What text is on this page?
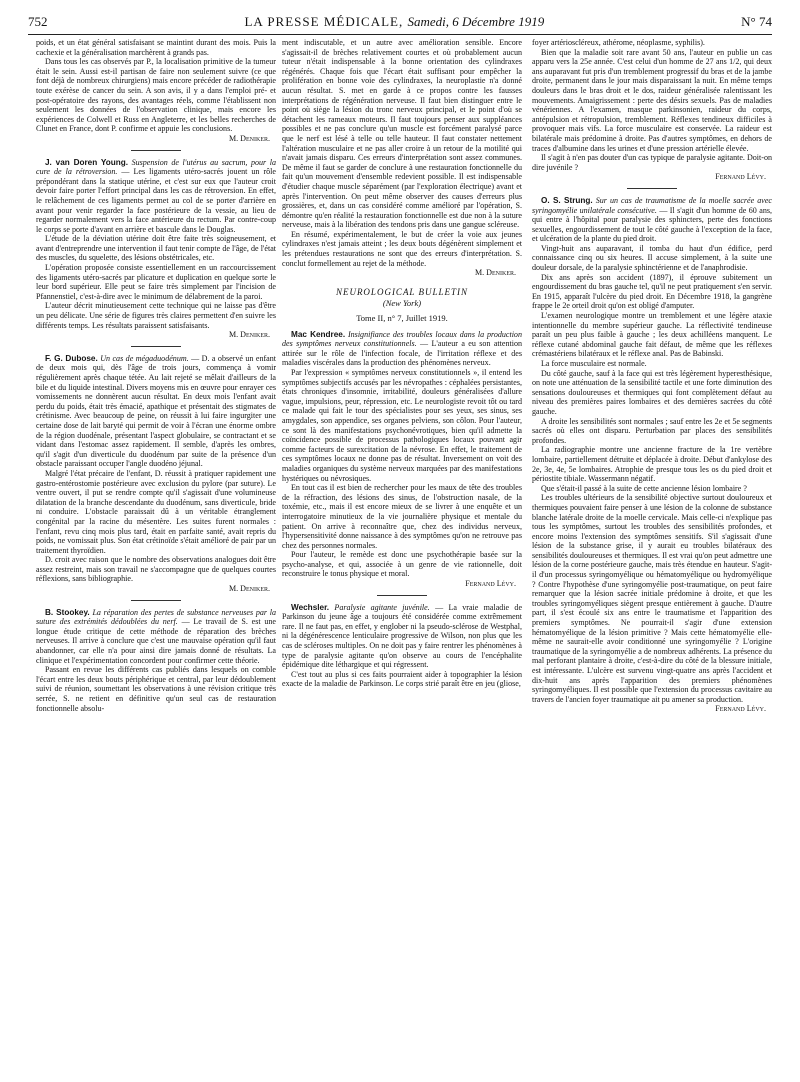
752	LA PRESSE MÉDICALE, Samedi, 6 Décembre 1919	N° 74

poids, et un état général satisfaisant se maintint durant des mois. Puis la cachexie et la généralisation marchèrent à grands pas.

Dans tous les cas observés par P., la localisation primitive de la tumeur était le sein. Aussi est-il partisan de faire non seulement suivre (ce que font déjà de nombreux chirurgiens) mais encore précéder de radiothérapie toute exérèse de cancer du sein. A son avis, il y a dans l'emploi pré- et post-opératoire des rayons, des avantages réels, comme l'établissent non seulement les données de l'observation clinique, mais encore les expériences de Colwell et Russ en Angleterre, et les belles recherches de Clunet en France, dont P. confirme et appuie les conclusions.

M. Deniker.

J. van Doren Young. Suspension de l'utérus au sacrum, pour la cure de la rétroversion. — Les ligaments utéro-sacrés jouent un rôle prépondérant dans la statique utérine, et c'est sur eux que l'auteur croit devoir faire porter l'effort principal dans les cas de rétroversion. En effet, le relâchement de ces ligaments permet au col de se porter d'arrière en avant pour venir regarder la face postérieure de la vessie, au lieu de regarder normalement vers la face antérieure du rectum. Par contre-coup le corps se porte d'avant en arrière et bascule dans le Douglas.

L'étude de la déviation utérine doit être faite très soigneusement, et avant d'entreprendre une intervention il faut tenir compte de l'âge, de l'état des muscles, du squelette, des lésions obstétricales, etc.

L'opération proposée consiste essentiellement en un raccourcissement des ligaments utéro-sacrés par plicature et duplication en quelque sorte le leur bord supérieur. Elle peut se faire très simplement par l'incision de Pfannenstiel, c'est-à-dire avec le minimum de délabrement de la paroi.

L'auteur décrit minutieusement cette technique qui ne laisse pas d'être un peu délicate. Une série de figures très claires permettent d'en suivre les différents temps. Les résultats paraissent satisfaisants.

M. Deniker.

F. G. Dubose. Un cas de mégaduodénum. — D. a observé un enfant de deux mois qui, dès l'âge de trois jours, commença à vomir régulièrement après chaque tétée. Au lait rejeté se mêlait d'ailleurs de la bile et du liquide intestinal. Divers moyens mis en œuvre pour enrayer ces vomissements ne donnèrent aucun résultat. En deux mois l'enfant avait perdu du poids, était très émacié, apathique et présentait des stigmates de crétinisme. Avec beaucoup de peine, on réussit à lui faire ingurgiter une certaine dose de lait baryté qui permit de voir à l'écran une énorme ombre de la région duodénale, présentant l'aspect globulaire, se contractant et se vidant dans l'estomac assez rapidement. Il semble, d'après les ombres, qu'il s'agit d'un diverticule du duodénum par suite de la présence d'un obstacle paraissant occuper l'angle duodéno jéjunal.

Malgré l'état précaire de l'enfant, D. réussit à pratiquer rapidement une gastro-entérostomie postérieure avec exclusion du pylore (par suture). Le ventre ouvert, il put se rendre compte qu'il s'agissait d'une volumineuse dilatation de la branche descendante du duodénum, sans diverticule, bride ni conduire. L'obstacle paraissait dû à un véritable étranglement congénital par la racine du mésentère. Les suites furent normales : l'enfant, revu cinq mois plus tard, était en parfaite santé, avait repris du poids, ne vomissait plus. Son état crétinoïde s'était amélioré de pair par un traitement thyroïdien.

D. croit avec raison que le nombre des observations analogues doit être assez restreint, mais son travail ne s'accompagne que de quelques courtes réflexions, sans bibliographie.

M. Deniker.

B. Stookey. La réparation des pertes de substance nerveuses par la suture des extrémités dédoublées du nerf. — Le travail de S. est une longue étude critique de cette méthode de réparation des brèches nerveuses. Il arrive à conclure que c'est une mauvaise opération qu'il faut abandonner, car elle n'a pour ainsi dire jamais donné de résultats. La clinique et l'expérimentation concordent pour confirmer cette théorie.

Passant en revue les différents cas publiés dans lesquels on comble l'écart entre les deux bouts périphérique et central, par leur dédoublement suivi de réunion, soumettant les observations à une révision critique très serrée, S. ne retient en définitive qu'un seul cas de restauration fonctionnelle absolu-

ment indiscutable, et un autre avec amélioration sensible. Encore s'agissait-il de brèches relativement courtes et où probablement aucun tuteur n'était indispensable à la bonne orientation des cylindraxes régénérés. Chaque fois que l'écart était suffisant pour empêcher la prolifération en bonne voie des cylindraxes, la neuroplastie n'a donné aucun résultat. S. met en garde à ce propos contre les fausses interprétations de régénération nerveuse. Il faut bien distinguer entre le point où siège la lésion du tronc nerveux principal, et le point d'où se détachent les rameaux moteurs. Il faut toujours penser aux suppléances possibles et ne pas conclure qu'un muscle est forcément paralysé parce que le nerf est lésé à telle ou telle hauteur. Il faut constater nettement l'altération musculaire et ne pas aller croire à un retour de la motilité qui n'avait jamais disparu. Ces erreurs d'interprétation sont assez communes. De même il faut se garder de conclure à une restauration fonctionnelle du fait qu'un mouvement d'ensemble redevient possible. Il est indispensable d'étudier chaque muscle séparément (par l'exploration électrique) avant et après l'intervention. On peut même observer des causes d'erreurs plus grossières, et, dans un cas considéré comme amélioré par l'opération, S. démontre qu'en réalité la restauration fonctionnelle est due non à la suture nerveuse, mais à la libération des tendons pris dans une gangue scléreuse.

En résumé, expérimentalement, le but de créer la voie aux jeunes cylindraxes n'est jamais atteint ; les deux bouts dégénèrent simplement et les prétendues restaurations ne sont que des erreurs d'interprétation. S. conclut formellement au rejet de la méthode.

M. Deniker.

NEUROLOGICAL BULLETIN
(New York)
Tome II, n° 7, Juillet 1919.

Mac Kendree. Insignifiance des troubles locaux dans la production des symptômes nerveux constitutionnels. — L'auteur a eu son attention attirée sur le rôle de l'infection focale, de l'irritation réflexe et des maladies viscérales dans la production des phénomènes nerveux.

Par l'expression « symptômes nerveux constitutionnels », il entend les symptômes subjectifs accusés par les névropathes : céphalées persistantes, états chroniques d'insomnie, irritabilité, douleurs généralisées d'allure vague, impulsions, peur, répression, etc. Le neurologiste revoit tôt ou tard ce malade qui fait le tour des spécialistes pour ses yeux, ses sinus, ses amygdales, son appendice, ses organes pelviens, son côlon. Pour l'auteur, ce sont là des manifestations psychonévrotiques, bien qu'il admette la coïncidence possible de processus pathologiques locaux pouvant agir comme facteurs de surexcitation de la névrose. En effet, le traitement de ces symptômes locaux ne donne pas de résultat. Inversement on voit des maladies organiques du système nerveux marquées par des manifestations hystériques ou névrosiques.

En tout cas il est bien de rechercher pour les maux de tête des troubles de la réfraction, des lésions des sinus, de l'obstruction nasale, de la toxémie, etc., mais il est encore mieux de se livrer à une enquête et un interrogatoire minutieux de la vie journalière physique et mentale du patient. On arrive à reconnaître que, chez des individus nerveux, l'hypersensitivité donne naissance à des symptômes qu'on ne retrouve pas chez des personnes normales.

Pour l'auteur, le remède est donc une psychothérapie basée sur la psycho-analyse, et qui, associée à un genre de vie rationnelle, doit reconstruire le tonus physique et moral.

Fernand Lévy.

Wechsler. Paralysie agitante juvénile. — La vraie maladie de Parkinson du jeune âge a toujours été considérée comme extrêmement rare. Il ne faut pas, en effet, y englober ni la pseudo-sclérose de Westphal, ni la dégénérescence lenticulaire progressive de Wilson, non plus que les cas de scléroses multiples. On ne doit pas y faire rentrer les phénomènes à type de paralysie agitante qu'on observe au cours de l'encéphalite épidémique dite léthargique et qui régressent.

C'est tout au plus si ces faits pourraient aider à topographier la lésion exacte de la maladie de Parkinson. Le corps strié paraît être en jeu (gliose,

foyer artérioscléreux, athérome, néoplasme, syphilis).

Bien que la maladie soit rare avant 50 ans, l'auteur en publie un cas apparu vers la 25e année. C'est celui d'un homme de 27 ans 1/2, qui deux ans auparavant fut pris d'un tremblement progressif du bras et de la jambe droite, permanent dans le jour mais disparaissant la nuit. En même temps douleurs dans le bras droit et le dos, raideur généralisée ralentissant les mouvements. Amaigrissement : perte des désirs sexuels. Pas de maladies vénériennes. A l'examen, masque parkinsonien, raideur du corps, antépulsion et rétropulsion, tremblement. Réflexes tendineux difficiles à provoquer mais vifs. La force musculaire est conservée. La raideur est bilatérale mais prédomine à droite. Pas d'autres symptômes, en dehors de traces d'albumine dans les urines et d'une pression artérielle élevée.

Il s'agit à n'en pas douter d'un cas typique de paralysie agitante. Doit-on dire juvénile ?

Fernand Lévy.

O. S. Strung. Sur un cas de traumatisme de la moelle sacrée avec syringomyélie unilatérale consécutive. — Il s'agit d'un homme de 60 ans, qui entre à l'hôpital pour paralysie des sphincters, perte des fonctions sexuelles, engourdissement de tout le côté gauche à l'exception de la face, et ulcération de la plante du pied droit.

Vingt-huit ans auparavant, il tomba du haut d'un édifice, perd connaissance cinq ou six heures. Il accuse simplement, à la suite une douleur dorsale, de la paralysie sphinctérienne et de l'anaphrodisie.

Dix ans après son accident (1897), il éprouve subitement un engourdissement du bras gauche tel, qu'il ne peut pratiquement s'en servir. En 1915, apparaît l'ulcère du pied droit. En Décembre 1918, la gangrène frappe le 2e orteil droit qu'on est obligé d'amputer.

L'examen neurologique montre un tremblement et une légère ataxie intentionnelle du membre supérieur gauche. La réflectivité tendineuse paraît un peu plus faible à gauche ; les deux achilléens manquent. Le réflexe cutané abdominal gauche fait défaut, de même que les réflexes crémastériens bilatéraux et le réflexe anal. Pas de Babinski.

La force musculaire est normale.

Du côté gauche, sauf à la face qui est très légèrement hyperesthésique, on note une atténuation de la sensibilité tactile et une forte diminution des sensations douloureuses et thermiques qui font complètement défaut au niveau des premières paires lombaires et des dernières sacrées du côté gauche.

A droite les sensibilités sont normales ; sauf entre les 2e et 5e segments sacrés où elles ont disparu. Perturbation par places des sensibilités profondes.

La radiographie montre une ancienne fracture de la 1re vertèbre lombaire, partiellement détruite et déplacée à droite. Début d'ankylose des 2e, 3e, 4e, 5e lombaires. Atrophie de presque tous les os du pied droit et périostite tibiale. Wassermann négatif.

Que s'était-il passé à la suite de cette ancienne lésion lombaire ?

Les troubles ultérieurs de la sensibilité objective surtout douloureux et thermiques pouvaient faire penser à une lésion de la colonne de substance blanche latérale droite de la moelle cervicale. Mais celle-ci n'explique pas tous les symptômes, surtout les troubles des sensibilités profondes, et encore moins l'extension des symptômes sensitifs. S'il s'agissait d'une lésion de la substance grise, il y aurait eu troubles bilatéraux des sensibilités douloureuses et thermiques. Il est vrai qu'on peut admettre une lésion de la corne postérieure gauche, mais très étendue en hauteur. S'agit-il d'un processus syringomyélique ou hématomyélique ou hydromyélique ? Contre l'hypothèse d'une syringomyélie post-traumatique, on peut faire remarquer que la lésion sacrée initiale prédomine à droite, et que les troubles syringomyéliques siègent presque entièrement à gauche. D'autre part, il s'est écoulé six ans entre le traumatisme et l'apparition des premiers symptômes. Ne pourrait-il s'agir d'une extension hématomyélique de la lésion primitive ? Mais cette hématomyélie elle-même ne saurait-elle avoir conditionné une syringomyélie ? L'origine traumatique de la syringomyélie a de nombreux adhérents. La présence du mal perforant plantaire à droite, c'est-à-dire du côté de la blessure initiale, est intéressante. L'ulcère est survenu vingt-quatre ans après l'accident et dix-huit ans après l'apparition des premiers phénomènes syringomyéliques. Il est possible que l'extension du processus cavitaire au travers de l'ancien foyer traumatique ait pu amener sa production.

Fernand Lévy.
